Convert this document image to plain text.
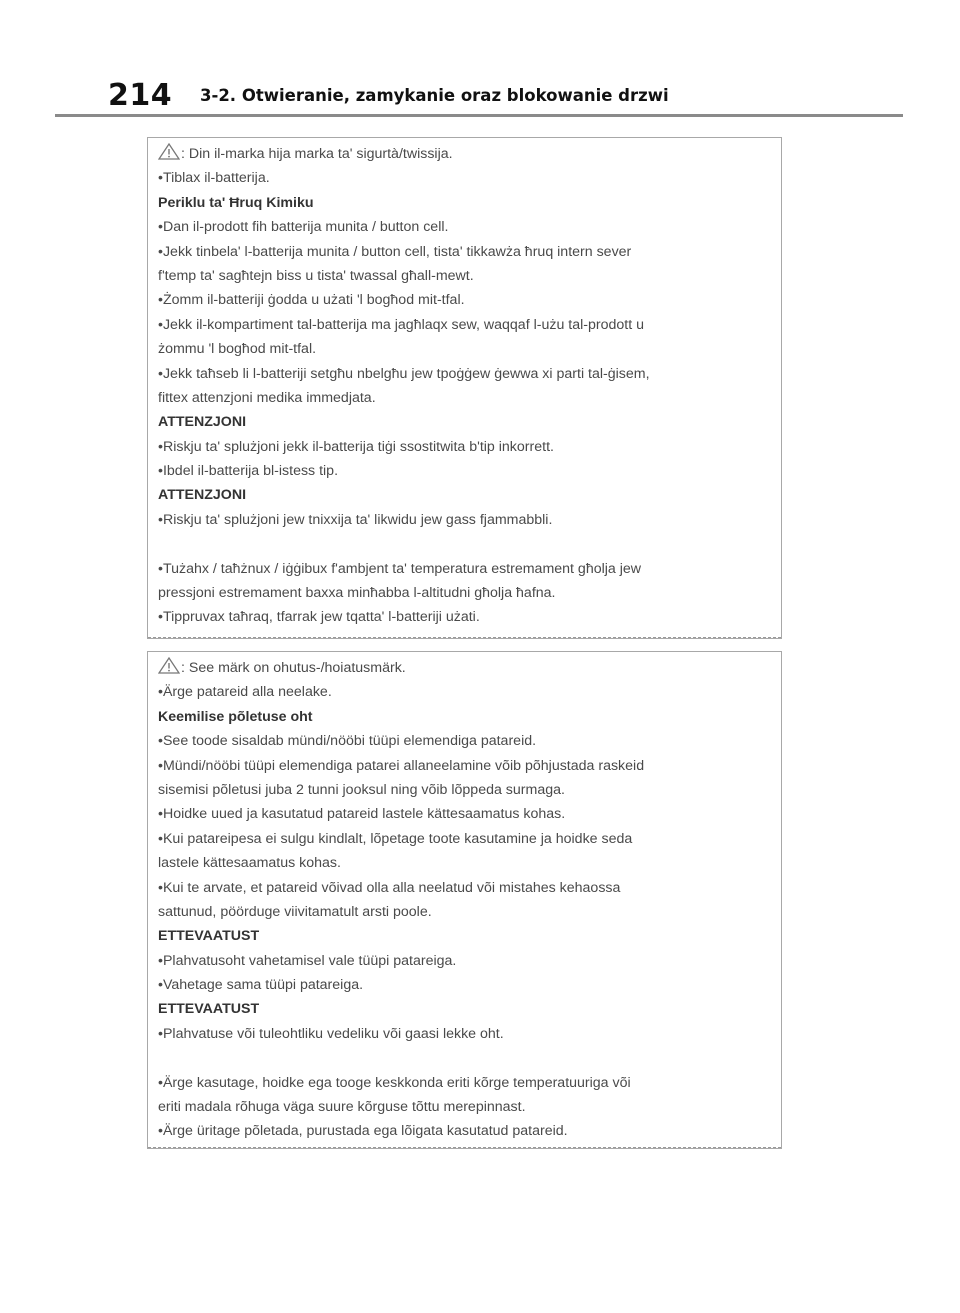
214 3-2. Otwieranie, zamykanie oraz blokowanie drzwi
: Din il-marka hija marka ta' sigurtà/twissija.
•Tiblax il-batterija.
Periklu ta' Ħruq Kimiku
•Dan il-prodott fih batterija munita / button cell.
•Jekk tinbela' l-batterija munita / button cell, tista' tikkawża ħruq intern sever
f'temp ta' sagħtejn biss u tista' twassal għall-mewt.
•Żomm il-batteriji ġodda u użati 'l bogħod mit-tfal.
•Jekk il-kompartiment tal-batterija ma jagħlaqx sew, waqqaf l-użu tal-prodott u
żommu 'l bogħod mit-tfal.
•Jekk taħseb li l-batteriji setgħu nbelgħu jew tpoġġew ġewwa xi parti tal-ġisem,
fittex attenzjoni medika immedjata.
ATTENZJONI
•Riskju ta' splużjoni jekk il-batterija tiġi ssostitwita b'tip inkorrett.
•Ibdel il-batterija bl-istess tip.
ATTENZJONI
•Riskju ta' splużjoni jew tnixxija ta' likwidu jew gass fjammabbli.
•Tużahx / taħżnux / iġġibux f'ambjent ta' temperatura estremament għolja jew
pressjoni estremament baxxa minħabba l-altitudni għolja ħafna.
•Tippruvax taħraq, tfarrak jew tqatta' l-batteriji użati.
: See märk on ohutus-/hoiatusmärk.
•Ärge patareid alla neelake.
Keemilise põletuse oht
•See toode sisaldab mündi/nööbi tüüpi elemendiga patareid.
•Mündi/nööbi tüüpi elemendiga patarei allaneelamine võib põhjustada raskeid
sisemisi põletusi juba 2 tunni jooksul ning võib lõppeda surmaga.
•Hoidke uued ja kasutatud patareid lastele kättesaamatus kohas.
•Kui patareipesa ei sulgu kindlalt, lõpetage toote kasutamine ja hoidke seda
lastele kättesaamatus kohas.
•Kui te arvate, et patareid võivad olla alla neelatud või mistahes kehaossa
sattunud, pöörduge viivitamatult arsti poole.
ETTEVAATUST
•Plahvatusoht vahetamisel vale tüüpi patareiga.
•Vahetage sama tüüpi patareiga.
ETTEVAATUST
•Plahvatuse või tuleohtliku vedeliku või gaasi lekke oht.
•Ärge kasutage, hoidke ega tooge keskkonda eriti kõrge temperatuuriga või
eriti madala rõhuga väga suure kõrguse tõttu merepinnast.
•Ärge üritage põletada, purustada ega lõigata kasutatud patareid.
